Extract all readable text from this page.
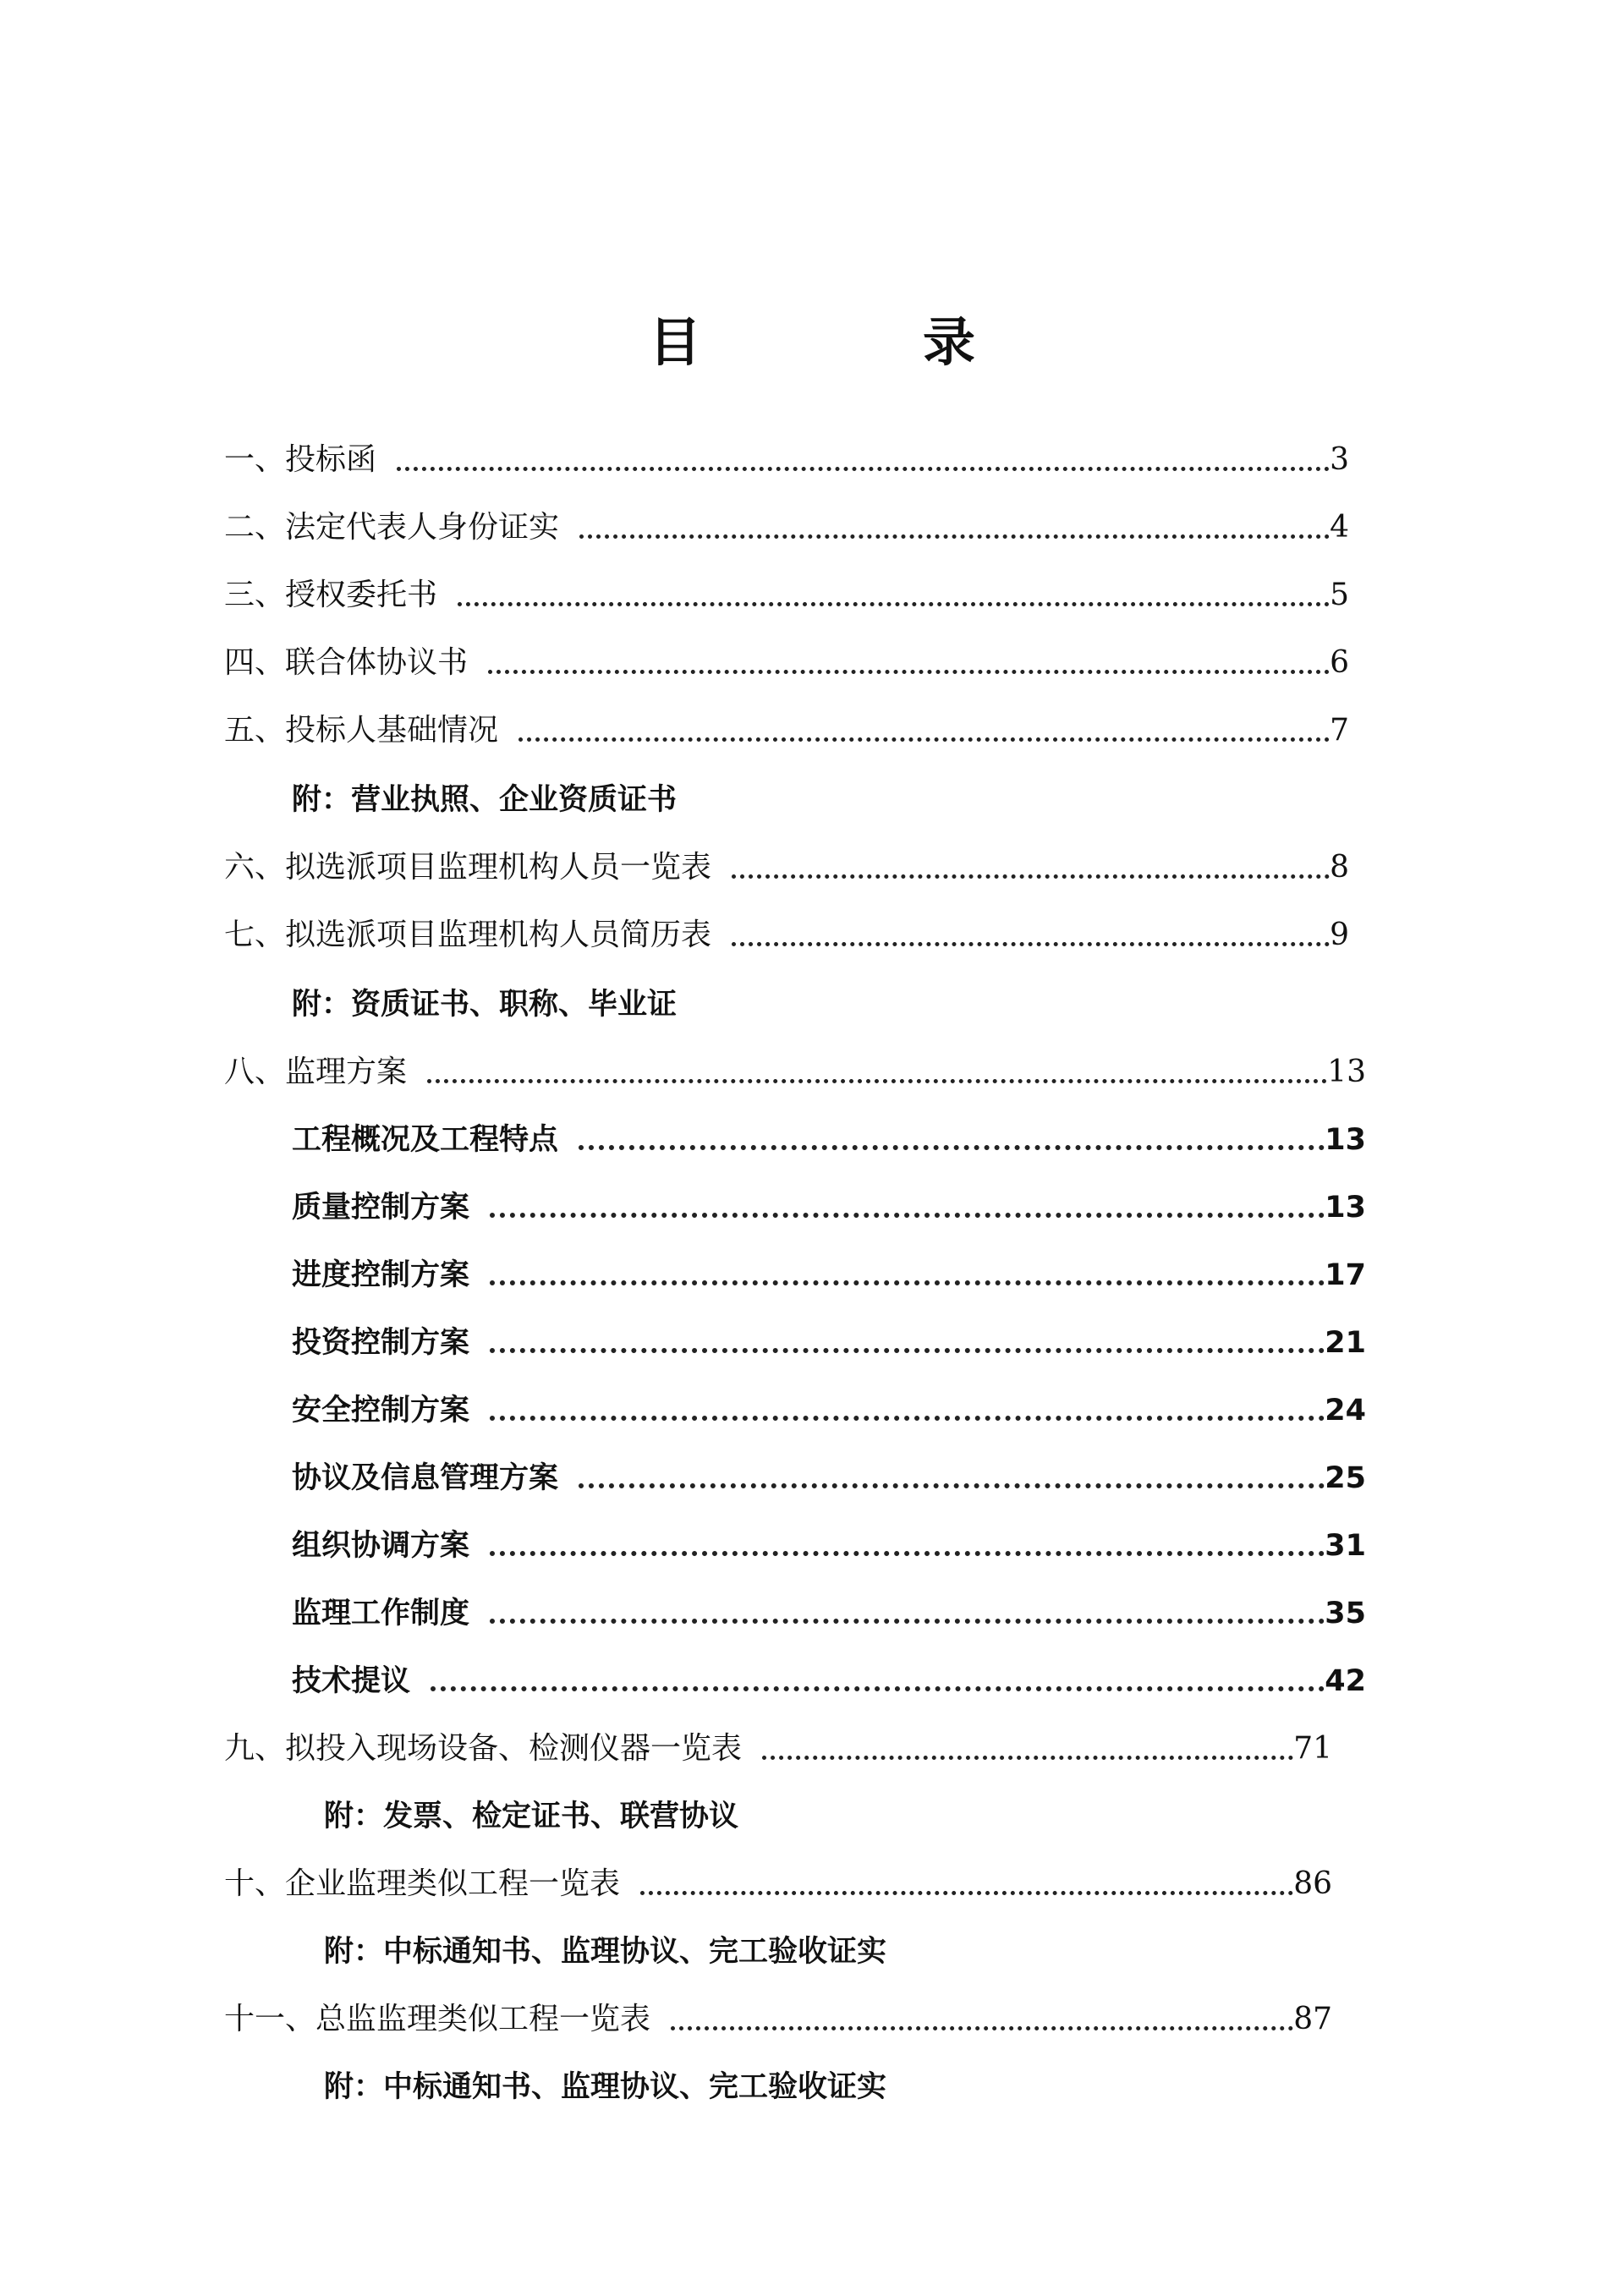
目　录
一、投标函	3
二、法定代表人身份证实	4
三、授权委托书	5
四、联合体协议书	6
五、投标人基础情况	7
附：营业执照、企业资质证书
六、拟选派项目监理机构人员一览表	8
七、拟选派项目监理机构人员简历表	9
附：资质证书、职称、毕业证
八、监理方案	13
工程概况及工程特点	13
质量控制方案	13
进度控制方案	17
投资控制方案	21
安全控制方案	24
协议及信息管理方案	25
组织协调方案	31
监理工作制度	35
技术提议	42
九、拟投入现场设备、检测仪器一览表	71
附：发票、检定证书、联营协议
十、企业监理类似工程一览表	86
附：中标通知书、监理协议、完工验收证实
十一、总监监理类似工程一览表	87
附：中标通知书、监理协议、完工验收证实
